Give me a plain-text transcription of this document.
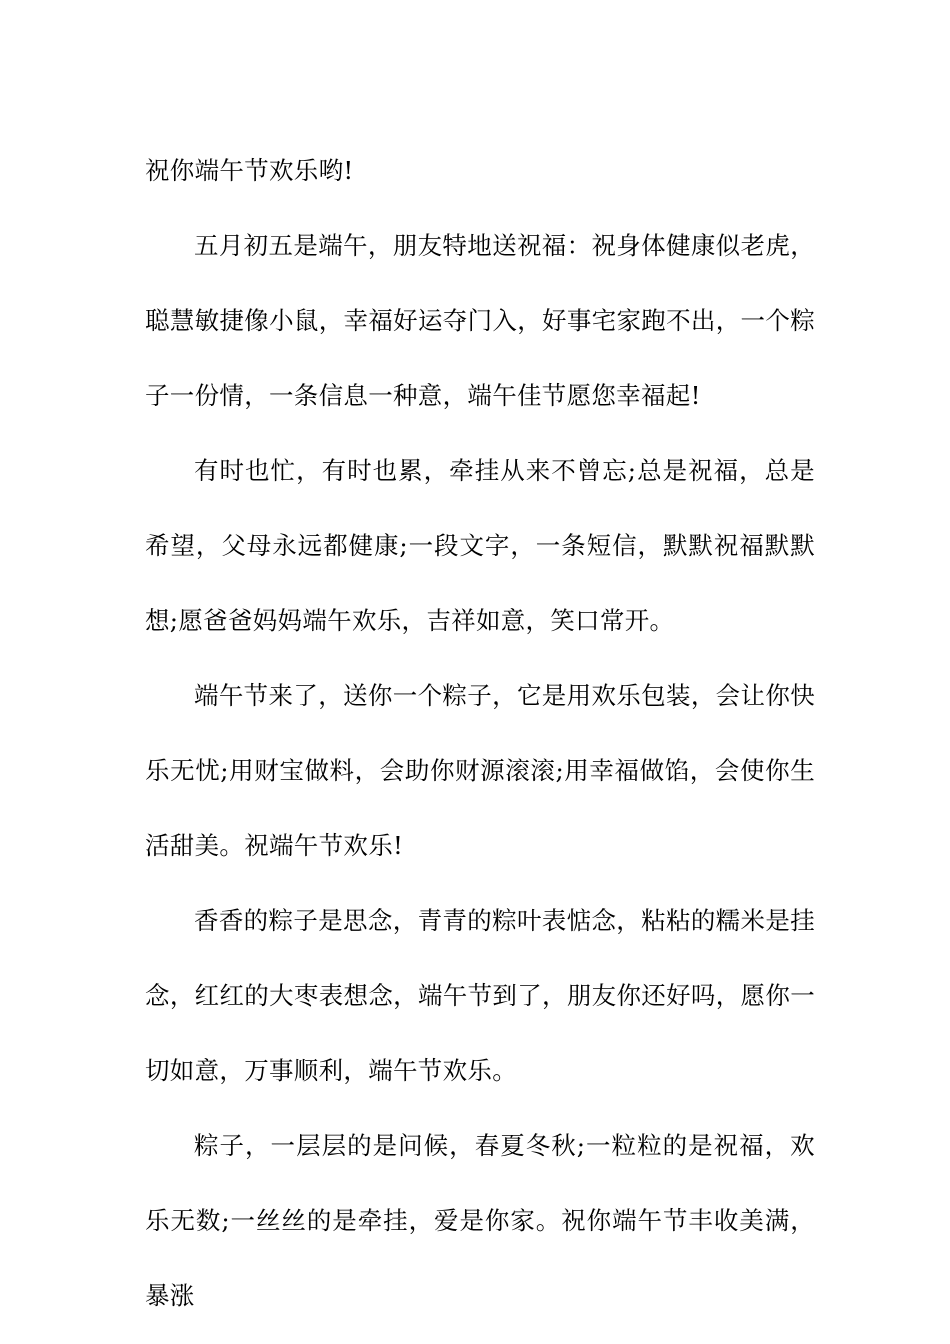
祝你端午节欢乐哟!

五月初五是端午，朋友特地送祝福：祝身体健康似老虎，聪慧敏捷像小鼠，幸福好运夺门入，好事宅家跑不出，一个粽子一份情，一条信息一种意，端午佳节愿您幸福起!

有时也忙，有时也累，牵挂从来不曾忘;总是祝福，总是希望，父母永远都健康;一段文字，一条短信，默默祝福默默想;愿爸爸妈妈端午欢乐，吉祥如意，笑口常开。

端午节来了，送你一个粽子，它是用欢乐包装，会让你快乐无忧;用财宝做料，会助你财源滚滚;用幸福做馅，会使你生活甜美。祝端午节欢乐!

香香的粽子是思念，青青的粽叶表惦念，粘粘的糯米是挂念，红红的大枣表想念，端午节到了，朋友你还好吗，愿你一切如意，万事顺利，端午节欢乐。

粽子，一层层的是问候，春夏冬秋;一粒粒的是祝福，欢乐无数;一丝丝的是牵挂，爱是你家。祝你端午节丰收美满，暴涨
